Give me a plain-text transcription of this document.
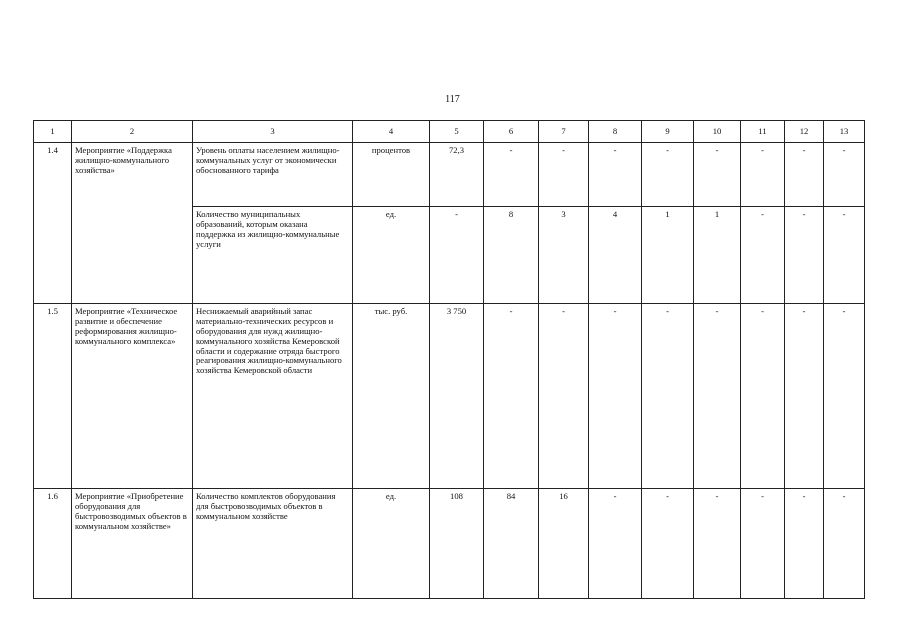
117
1	2	3	4	5	6	7	8	9	10	11	12	13
1.4	Мероприятие «Поддержка жилищно-коммунального хозяйства»	Уровень оплаты населением жилищно-коммунальных услуг от экономически обоснованного тарифа	процентов	72,3	-	-	-	-	-	-	-	-
		Количество муниципальных образований, которым оказана поддержка из жилищно-коммунальные услуги	ед.	-	8	3	4	1	1	-	-	-
1.5	Мероприятие «Техническое развитие и обеспечение реформирования жилищно-коммунального комплекса»	Неснижаемый аварийный запас материально-технических ресурсов и оборудования для нужд жилищно-коммунального хозяйства Кемеровской области и содержание отряда быстрого реагирования жилищно-коммунального хозяйства Кемеровской области	тыс. руб.	3 750	-	-	-	-	-	-	-	-
1.6	Мероприятие «Приобретение оборудования для быстровозводимых объектов в коммунальном хозяйстве»	Количество комплектов оборудования для быстровозводимых объектов в коммунальном хозяйстве	ед.	108	84	16	-	-	-	-	-	-
